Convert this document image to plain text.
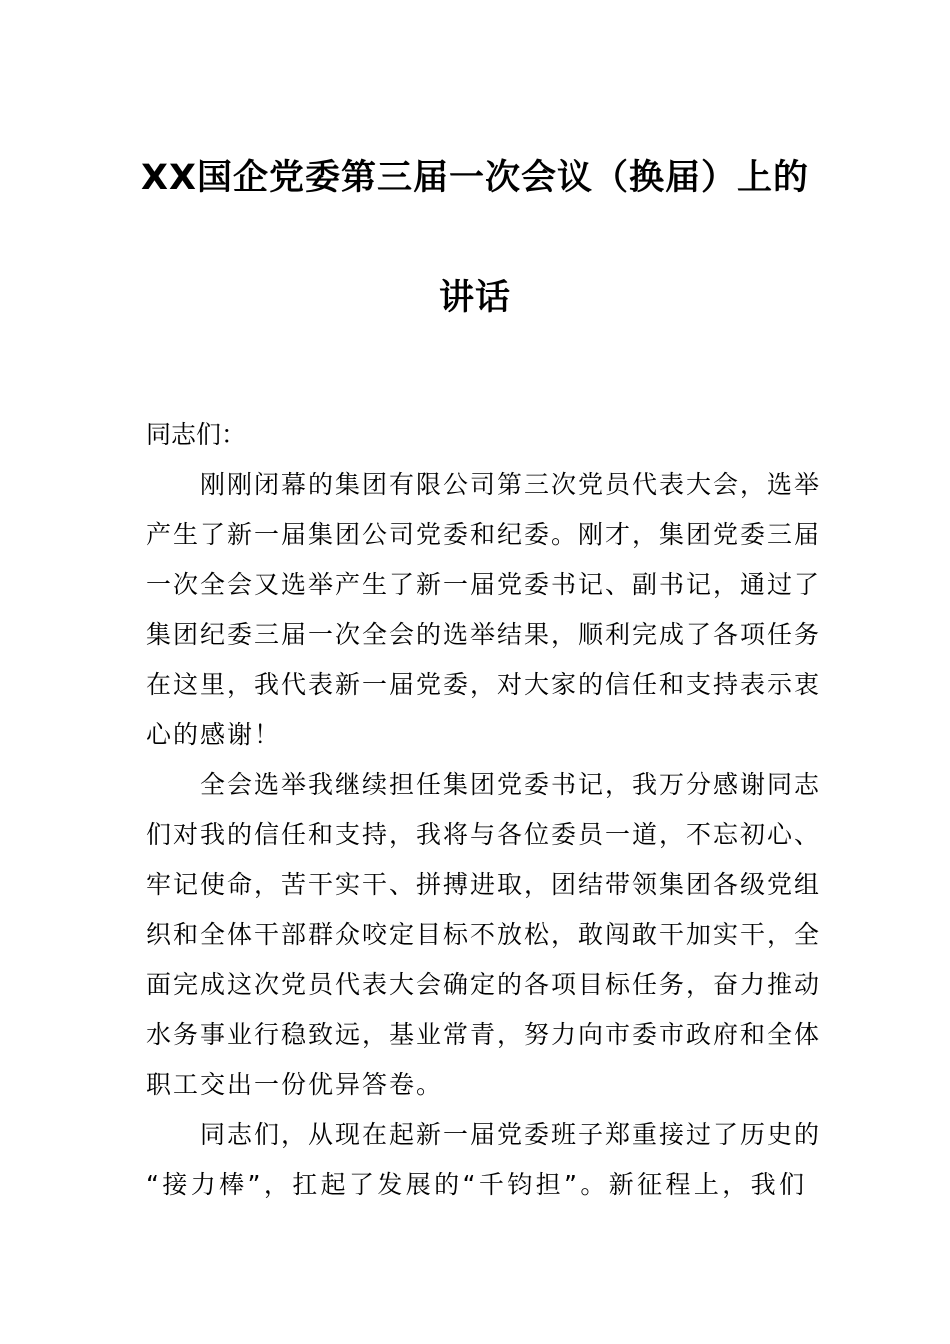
XX国企党委第三届一次会议（换届）上的
讲话

同志们：

刚刚闭幕的集团有限公司第三次党员代表大会，选举
产生了新一届集团公司党委和纪委。刚才，集团党委三届
一次全会又选举产生了新一届党委书记、副书记，通过了
集团纪委三届一次全会的选举结果，顺利完成了各项任务
在这里，我代表新一届党委，对大家的信任和支持表示衷
心的感谢！

全会选举我继续担任集团党委书记，我万分感谢同志
们对我的信任和支持，我将与各位委员一道，不忘初心、
牢记使命，苦干实干、拼搏进取，团结带领集团各级党组
织和全体干部群众咬定目标不放松，敢闯敢干加实干，全
面完成这次党员代表大会确定的各项目标任务，奋力推动
水务事业行稳致远，基业常青，努力向市委市政府和全体
职工交出一份优异答卷。

同志们，从现在起新一届党委班子郑重接过了历史的
“接力棒”，扛起了发展的“千钧担”。新征程上，我们
